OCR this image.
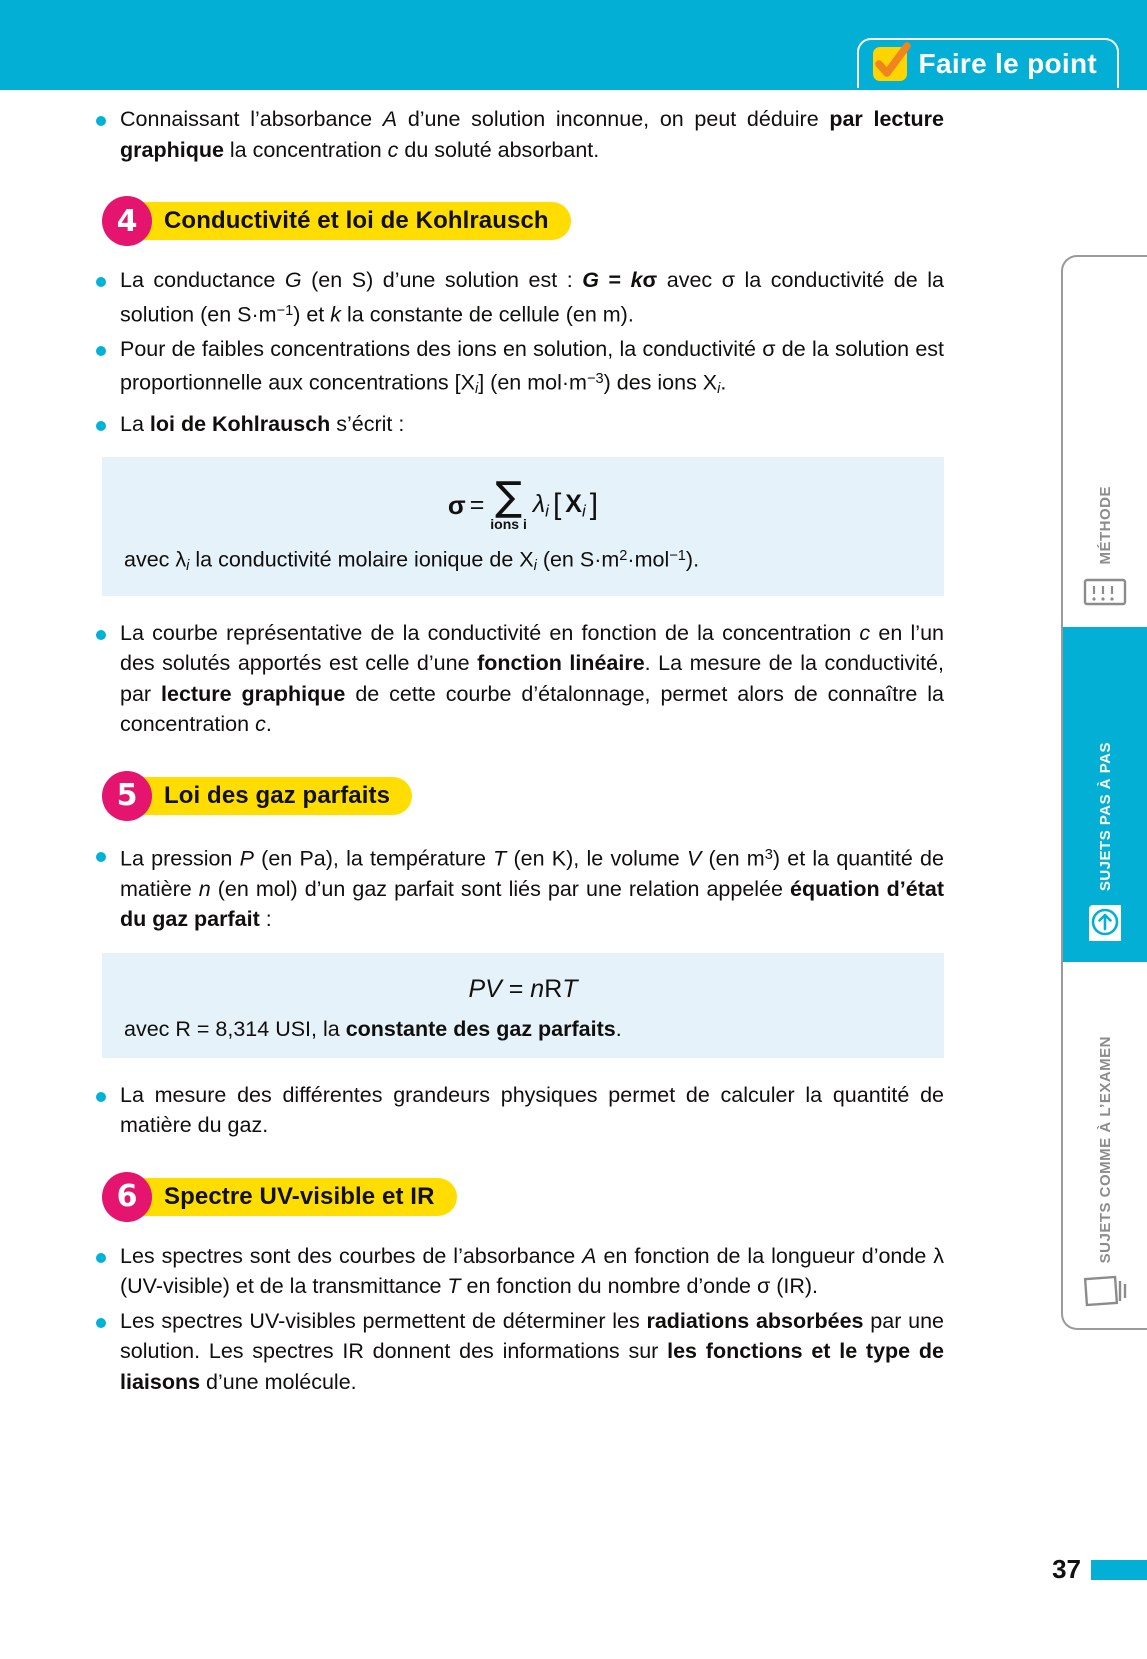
Faire le point
Connaissant l’absorbance A d’une solution inconnue, on peut déduire par lecture graphique la concentration c du soluté absorbant.
4	Conductivité et loi de Kohlrausch
La conductance G (en S) d’une solution est : G = kσ avec σ la conductivité de la solution (en $S\cdot m^{-1}$) et k la constante de cellule (en m).
Pour de faibles concentrations des ions en solution, la conductivité σ de la solution est proportionnelle aux concentrations $[X_i]$ (en $mol\cdot m^{-3}$) des ions $X_i$.
La loi de Kohlrausch s’écrit :
σ = ∑
ions i
$\lambda_i$ [ $X_i$ ]
avec $\lambda_i$ la conductivité molaire ionique de $X_i$ (en $S\cdot m^2\cdot mol^{-1}$).
La courbe représentative de la conductivité en fonction de la concentration c en l’un des solutés apportés est celle d’une fonction linéaire. La mesure de la conductivité, par lecture graphique de cette courbe d’étalonnage, permet alors de connaître la concentration c.
5	Loi des gaz parfaits
La pression P (en Pa), la température T (en K), le volume V (en $m^3$) et la quantité de matière n (en mol) d’un gaz parfait sont liés par une relation appelée équation d’état du gaz parfait :
PV = nRT
avec R = 8,314 USI, la constante des gaz parfaits.
La mesure des différentes grandeurs physiques permet de calculer la quantité de matière du gaz.
6	Spectre UV-visible et IR
Les spectres sont des courbes de l’absorbance A en fonction de la longueur d’onde λ (UV-visible) et de la transmittance T en fonction du nombre d’onde σ (IR).
Les spectres UV-visibles permettent de déterminer les radiations absorbées par une solution. Les spectres IR donnent des informations sur les fonctions et le type de liaisons d’une molécule.
MÉTHODE
SUJETS PAS À PAS
SUJETS COMME À L’EXAMEN
37
